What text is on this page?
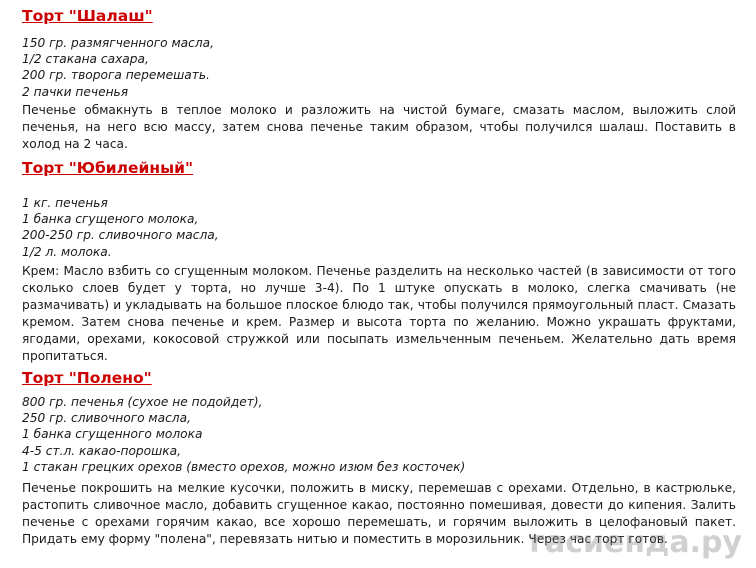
Торт "Шалаш"
150 гр. размягченного масла,
1/2 стакана сахара,
200 гр. творога перемешать.
2 пачки печенья

Печенье обмакнуть в теплое молоко и разложить на чистой бумаге, смазать маслом, выложить слой печенья, на него всю массу, затем снова печенье таким образом, чтобы получился шалаш. Поставить в холод на 2 часа.

Торт "Юбилейный"
1 кг. печенья
1 банка сгущеного молока,
200-250 гр. сливочного масла,
1/2 л. молока.

Крем: Масло взбить со сгущенным молоком. Печенье разделить на несколько частей (в зависимости от того сколько слоев будет у торта, но лучше 3-4). По 1 штуке опускать в молоко, слегка смачивать (не размачивать) и укладывать на большое плоское блюдо так, чтобы получился прямоугольный пласт. Смазать кремом. Затем снова печенье и крем. Размер и высота торта по желанию. Можно украшать фруктами, ягодами, орехами, кокосовой стружкой или посыпать измельченным печеньем. Желательно дать время пропитаться.

Торт "Полено"
800 гр. печенья (сухое не подойдет),
250 гр. сливочного масла,
1 банка сгущенного молока
4-5 ст.л. какао-порошка,
1 стакан грецких орехов (вместо орехов, можно изюм без косточек)

Печенье покрошить на мелкие кусочки, положить в миску, перемешав с орехами. Отдельно, в кастрюльке, растопить сливочное масло, добавить сгущенное какао, постоянно помешивая, довести до кипения. Залить печенье с орехами горячим какао, все хорошо перемешать, и горячим выложить в целофановый пакет. Придать ему форму "полена", перевязать нитью и поместить в морозильник. Через час торт готов.

гасиенда.ру
